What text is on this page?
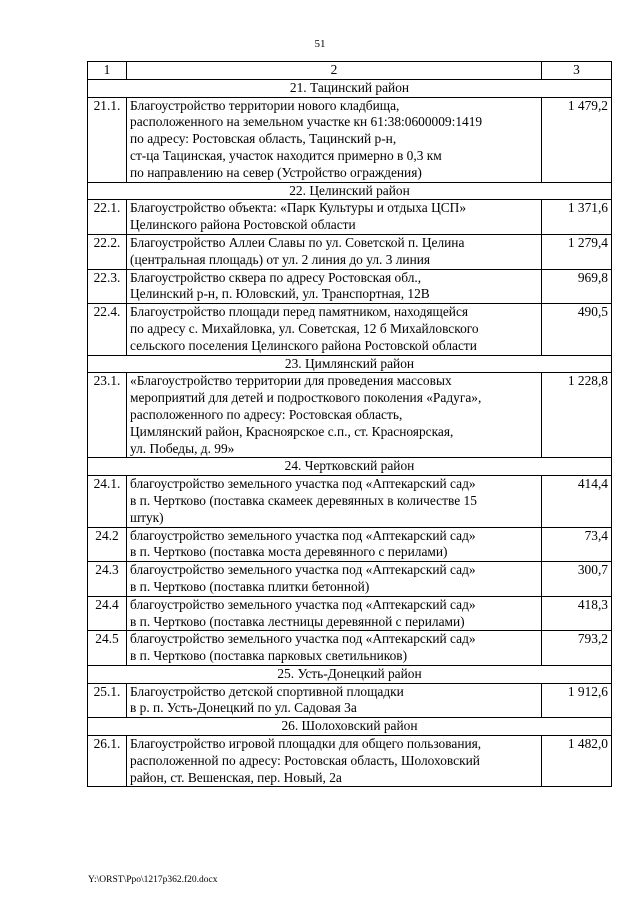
51
1	2	3
21. Тацинский район		
21.1.	Благоустройство территории нового кладбища,
расположенного на земельном участке кн 61:38:0600009:1419
по адресу: Ростовская область, Тацинский р-н,
ст-ца Тацинская, участок находится примерно в 0,3 км
по направлению на север (Устройство ограждения)	1 479,2
22. Целинский район		
22.1.	Благоустройство объекта: «Парк Культуры и отдыха ЦСП»
Целинского района Ростовской области	1 371,6
22.2.	Благоустройство Аллеи Славы по ул. Советской п. Целина
(центральная площадь) от ул. 2 линия до ул. 3 линия	1 279,4
22.3.	Благоустройство сквера по адресу Ростовская обл.,
Целинский р-н, п. Юловский, ул. Транспортная, 12В	969,8
22.4.	Благоустройство площади перед памятником, находящейся
по адресу с. Михайловка, ул. Советская, 12 б Михайловского
сельского поселения Целинского района Ростовской области	490,5
23. Цимлянский район		
23.1.	«Благоустройство территории для проведения массовых
мероприятий для детей и подросткового поколения «Радуга»,
расположенного по адресу: Ростовская область,
Цимлянский район, Красноярское с.п., ст. Красноярская,
ул. Победы, д. 99»	1 228,8
24. Чертковский район		
24.1.	благоустройство земельного участка под «Аптекарский сад»
в п. Чертково (поставка скамеек деревянных в количестве 15
штук)	414,4
24.2	благоустройство земельного участка под «Аптекарский сад»
в п. Чертково (поставка моста деревянного с перилами)	73,4
24.3	благоустройство земельного участка под «Аптекарский сад»
в п. Чертково (поставка плитки бетонной)	300,7
24.4	благоустройство земельного участка под «Аптекарский сад»
в п. Чертково (поставка лестницы деревянной с перилами)	418,3
24.5	благоустройство земельного участка под «Аптекарский сад»
в п. Чертково (поставка парковых светильников)	793,2
25. Усть-Донецкий район		
25.1.	Благоустройство детской спортивной площадки
в р. п. Усть-Донецкий по ул. Садовая 3а	1 912,6
26. Шолоховский район		
26.1.	Благоустройство игровой площадки для общего пользования,
расположенной по адресу: Ростовская область, Шолоховский
район, ст. Вешенская, пер. Новый, 2а	1 482,0
Y:\ORST\Ppo\1217p362.f20.docx
